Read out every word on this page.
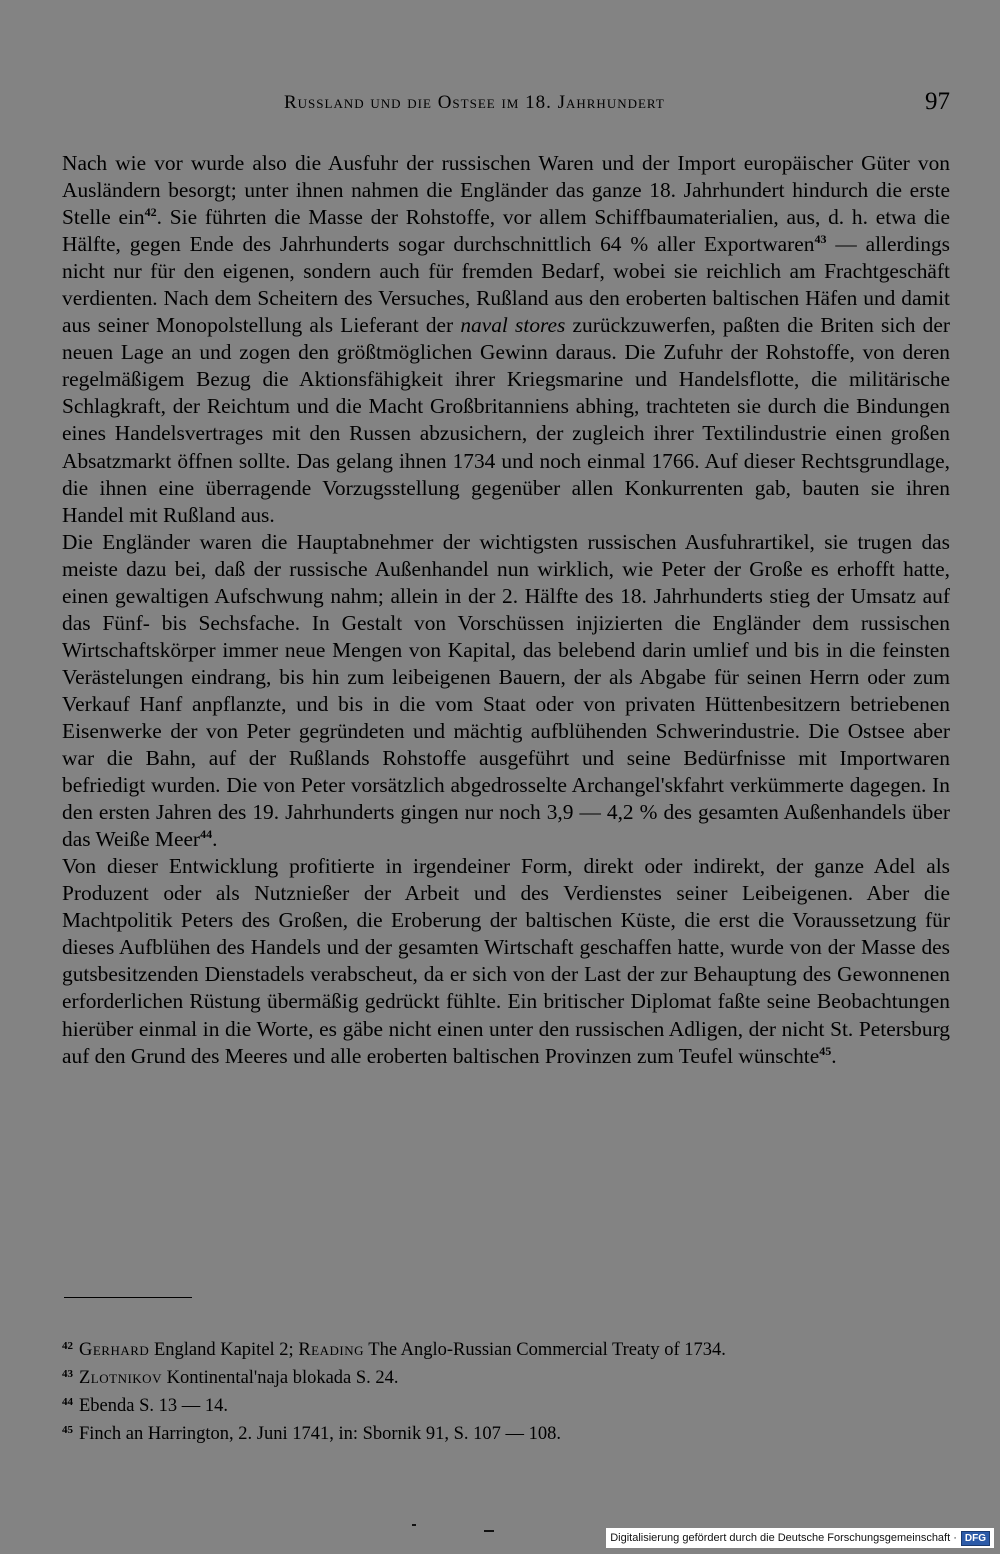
Russland und die Ostsee im 18. Jahrhundert	97

Nach wie vor wurde also die Ausfuhr der russischen Waren und der Import europäischer Güter von Ausländern besorgt; unter ihnen nahmen die Engländer das ganze 18. Jahrhundert hindurch die erste Stelle ein$^{42}$. Sie führten die Masse der Rohstoffe, vor allem Schiffbaumaterialien, aus, d. h. etwa die Hälfte, gegen Ende des Jahrhunderts sogar durchschnittlich 64 % aller Exportwaren$^{43}$ — allerdings nicht nur für den eigenen, sondern auch für fremden Bedarf, wobei sie reichlich am Frachtgeschäft verdienten. Nach dem Scheitern des Versuches, Rußland aus den eroberten baltischen Häfen und damit aus seiner Monopolstellung als Lieferant der naval stores zurückzuwerfen, paßten die Briten sich der neuen Lage an und zogen den größtmöglichen Gewinn daraus. Die Zufuhr der Rohstoffe, von deren regelmäßigem Bezug die Aktionsfähigkeit ihrer Kriegsmarine und Handelsflotte, die militärische Schlagkraft, der Reichtum und die Macht Großbritanniens abhing, trachteten sie durch die Bindungen eines Handelsvertrages mit den Russen abzusichern, der zugleich ihrer Textilindustrie einen großen Absatzmarkt öffnen sollte. Das gelang ihnen 1734 und noch einmal 1766. Auf dieser Rechtsgrundlage, die ihnen eine überragende Vorzugsstellung gegenüber allen Konkurrenten gab, bauten sie ihren Handel mit Rußland aus.

Die Engländer waren die Hauptabnehmer der wichtigsten russischen Ausfuhrartikel, sie trugen das meiste dazu bei, daß der russische Außenhandel nun wirklich, wie Peter der Große es erhofft hatte, einen gewaltigen Aufschwung nahm; allein in der 2. Hälfte des 18. Jahrhunderts stieg der Umsatz auf das Fünf- bis Sechsfache. In Gestalt von Vorschüssen injizierten die Engländer dem russischen Wirtschaftskörper immer neue Mengen von Kapital, das belebend darin umlief und bis in die feinsten Verästelungen eindrang, bis hin zum leibeigenen Bauern, der als Abgabe für seinen Herrn oder zum Verkauf Hanf anpflanzte, und bis in die vom Staat oder von privaten Hüttenbesitzern betriebenen Eisenwerke der von Peter gegründeten und mächtig aufblühenden Schwerindustrie. Die Ostsee aber war die Bahn, auf der Rußlands Rohstoffe ausgeführt und seine Bedürfnisse mit Importwaren befriedigt wurden. Die von Peter vorsätzlich abgedrosselte Archangel'skfahrt verkümmerte dagegen. In den ersten Jahren des 19. Jahrhunderts gingen nur noch 3,9 — 4,2 % des gesamten Außenhandels über das Weiße Meer$^{44}$.

Von dieser Entwicklung profitierte in irgendeiner Form, direkt oder indirekt, der ganze Adel als Produzent oder als Nutznießer der Arbeit und des Verdienstes seiner Leibeigenen. Aber die Machtpolitik Peters des Großen, die Eroberung der baltischen Küste, die erst die Voraussetzung für dieses Aufblühen des Handels und der gesamten Wirtschaft geschaffen hatte, wurde von der Masse des gutsbesitzenden Dienstadels verabscheut, da er sich von der Last der zur Behauptung des Gewonnenen erforderlichen Rüstung übermäßig gedrückt fühlte. Ein britischer Diplomat faßte seine Beobachtungen hierüber einmal in die Worte, es gäbe nicht einen unter den russischen Adligen, der nicht St. Petersburg auf den Grund des Meeres und alle eroberten baltischen Provinzen zum Teufel wünschte$^{45}$.

$^{42}$ Gerhard England Kapitel 2; Reading The Anglo-Russian Commercial Treaty of 1734.

$^{43}$ Zlotnikov Kontinental'naja blokada S. 24.

$^{44}$ Ebenda S. 13 — 14.

$^{45}$ Finch an Harrington, 2. Juni 1741, in: Sbornik 91, S. 107 — 108.

Digitalisierung gefördert durch die Deutsche Forschungsgemeinschaft · DFG
